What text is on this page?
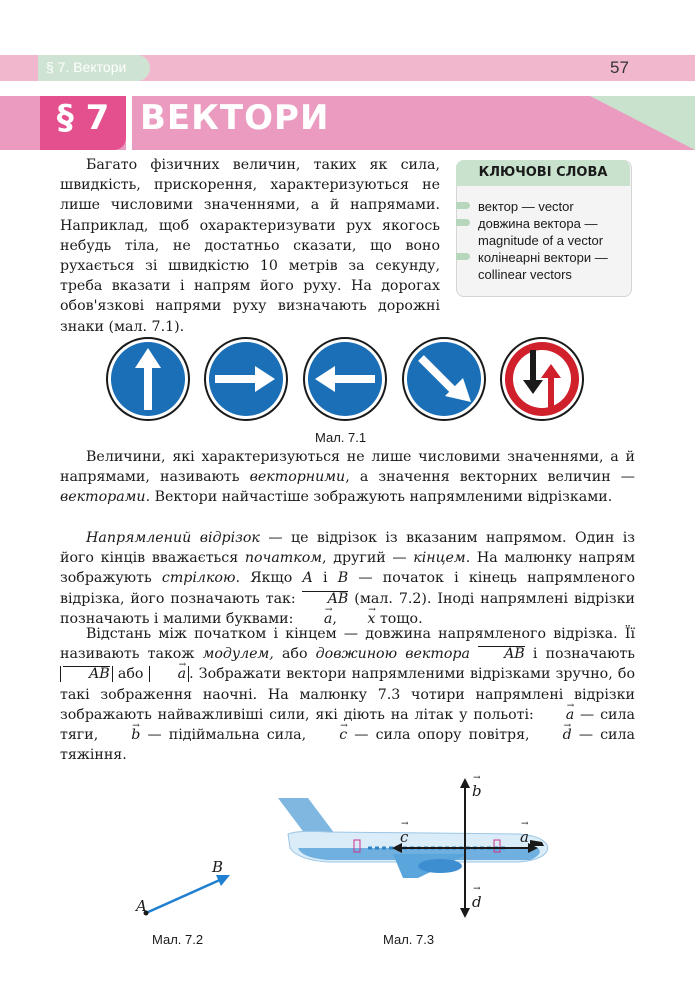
§ 7. Вектори	57
§ 7 ВЕКТОРИ
Багато фізичних величин, таких як сила, швидкість, прискорення, характеризуються не лише числовими значеннями, а й напрямами. Наприклад, щоб охарактеризувати рух якогось небудь тіла, не достатньо сказати, що воно рухається зі швидкістю 10 метрів за секунду, треба вказати і напрям його руху. На дорогах обов'язкові напрями руху визначають дорожні знаки (мал. 7.1).
КЛЮЧОВІ СЛОВА
вектор — vector
довжина вектора —
magnitude of a vector
колінеарні вектори —
collinear vectors
Мал. 7.1
Величини, які характеризуються не лише числовими значеннями, а й напрямами, називають векторними, а значення векторних величин — векторами. Вектори найчастіше зображують напрямленими відрізками.
Напрямлений відрізок — це відрізок із вказаним напрямом. Один із його кінців вважається початком, другий — кінцем. На малюнку напрям зображують стрілкою. Якщо A і B — початок і кінець напрямленого відрізка, його позначають так: AB (мал. 7.2). Іноді напрямлені відрізки позначають і малими буквами: a →, x → тощо.
Відстань між початком і кінцем — довжина напрямленого відрізка. Її називають також модулем, або довжиною вектора AB і позначають AB або a → . Зображати вектори напрямленими відрізками зручно, бо такі зображення наочні. На малюнку 7.3 чотири напрямлені відрізки зображають найважливіші сили, які діють на літак у польоті: a → — сила тяги, b → — підіймальна сила, c → — сила опору повітря, d → — сила тяжіння.
A
B
Мал. 7.2
b →
d →
a →
c →
Мал. 7.3
